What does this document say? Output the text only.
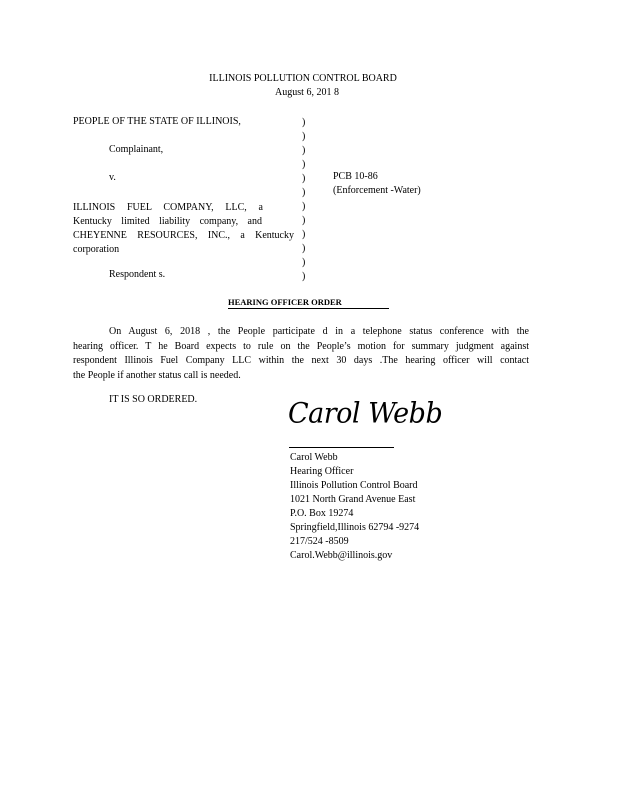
ILLINOIS POLLUTION CONTROL BOARD
August 6, 201 8
PEOPLE OF THE STATE OF ILLINOIS,
Complainant,
v.
ILLINOIS FUEL COMPANY, LLC, a
Kentucky limited liability company, and
CHEYENNE RESOURCES, INC., a Kentucky
corporation
Respondent s.
)
)
)
)
)
)
)
)
)
)
)
)
PCB 10-86
(Enforcement -Water)
HEARING OFFICER ORDER
On August 6, 2018 , the People participate d in a telephone status conference with the
hearing officer. T he Board expects to rule on the People’s motion for summary judgment against
respondent Illinois Fuel Company LLC within the next 30 days .The hearing officer will contact
the People if another status call is needed.
IT IS SO ORDERED.	Carol Webb
Carol Webb
Hearing Officer
Illinois Pollution Control Board
1021 North Grand Avenue East
P.O. Box 19274
Springfield,Illinois 62794 -9274
217/524 -8509
Carol.Webb@illinois.gov
